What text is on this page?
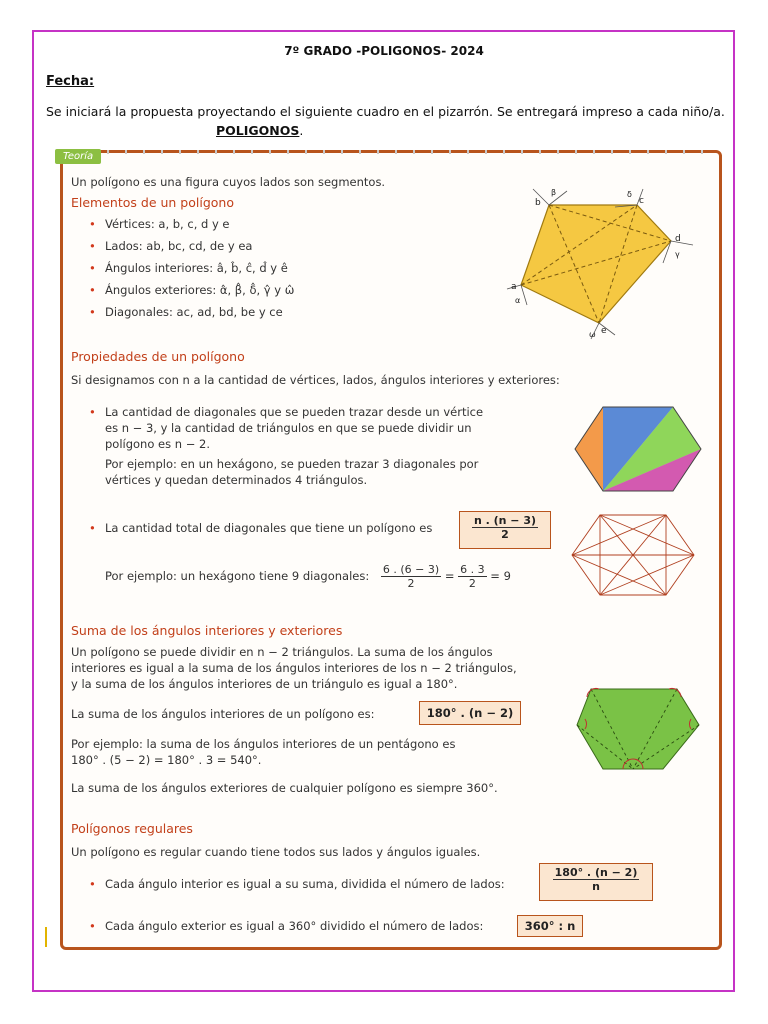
7º GRADO -POLIGONOS- 2024
Fecha:
Se iniciará la propuesta proyectando el siguiente cuadro en el pizarrón. Se entregará impreso a cada niño/a. POLIGONOS.
Teoría
Un polígono es una figura cuyos lados son segmentos.
Elementos de un polígono
• Vértices: a, b, c, d y e
• Lados: ab, bc, cd, de y ea
• Ángulos interiores: â, b̂, ĉ, d̂ y ê
• Ángulos exteriores: α̂, β̂, δ̂, γ̂ y ω̂
• Diagonales: ac, ad, bd, be y ce
a
b	c
d
e
α
β	δ
γ
ω
Propiedades de un polígono
Si designamos con n a la cantidad de vértices, lados, ángulos interiores y exteriores:
• La cantidad de diagonales que se pueden trazar desde un vértice
es n − 3, y la cantidad de triángulos en que se puede dividir un
polígono es n − 2.
Por ejemplo: en un hexágono, se pueden trazar 3 diagonales por
vértices y quedan determinados 4 triángulos.
• La cantidad total de diagonales que tiene un polígono es	$\frac{n . (n - 3)}{2}$
Por ejemplo: un hexágono tiene 9 diagonales: $\frac{6 . (6 - 3)}{2} = \frac{6 . 3}{2} = 9$
Suma de los ángulos interiores y exteriores
Un polígono se puede dividir en n − 2 triángulos. La suma de los ángulos
interiores es igual a la suma de los ángulos interiores de los n − 2 triángulos,
y la suma de los ángulos interiores de un triángulo es igual a 180°.
La suma de los ángulos interiores de un polígono es:	180° . (n − 2)
Por ejemplo: la suma de los ángulos interiores de un pentágono es
180° . (5 − 2) = 180° . 3 = 540°.
La suma de los ángulos exteriores de cualquier polígono es siempre 360°.
Polígonos regulares
Un polígono es regular cuando tiene todos sus lados y ángulos iguales.
• Cada ángulo interior es igual a su suma, dividida el número de lados:	$\frac{180^\circ . (n - 2)}{n}$
• Cada ángulo exterior es igual a 360° dividido el número de lados:	360° : n
